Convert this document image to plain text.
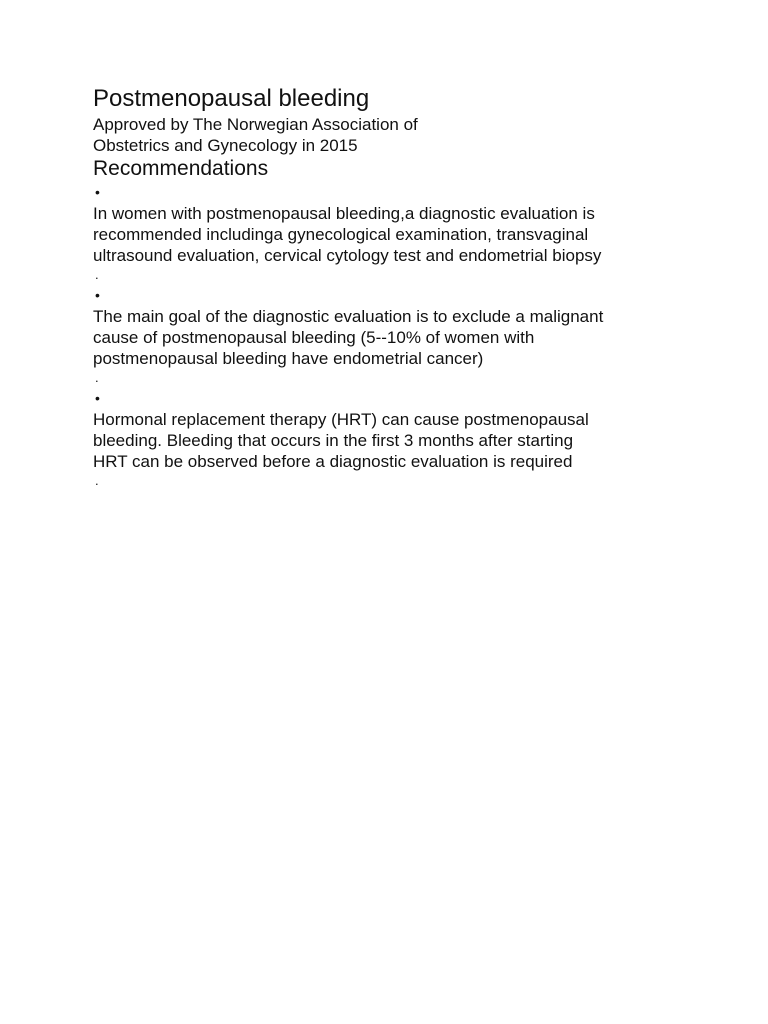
Postmenopausal bleeding

Approved by The Norwegian Association of

Obstetrics and Gynecology in 2015

Recommendations
•

In women with postmenopausal bleeding,a diagnostic evaluation is

recommended includinga gynecological examination, transvaginal

ultrasound evaluation, cervical cytology test and endometrial biopsy

.
•

The main goal of the diagnostic evaluation is to exclude a malignant

cause of postmenopausal bleeding (5--10% of women with

postmenopausal bleeding have endometrial cancer)

.
•

Hormonal replacement therapy (HRT) can cause postmenopausal

bleeding. Bleeding that occurs in the first 3 months after starting

HRT can be observed before a diagnostic evaluation is required

.
